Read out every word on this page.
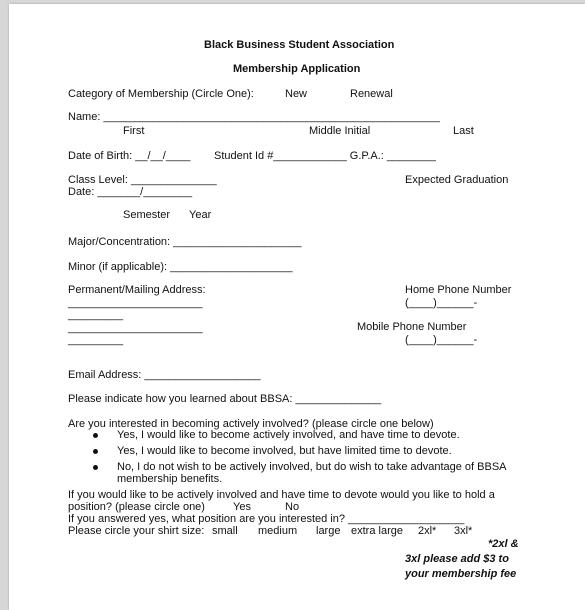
Black Business Student Association
Membership Application
Category of Membership (Circle One):	New	Renewal
Name: _______________________________________________________
First	Middle Initial	Last
Date of Birth: __/__/____ Student Id #____________ G.P.A.: ________
Class Level: ______________	Expected Graduation
Date: _______/________
Semester Year
Major/Concentration: _____________________
Minor (if applicable): ____________________
Permanent/Mailing Address:
______________________
_________
______________________
_________
Home Phone Number
(____)______-
Mobile Phone Number
(____)______-
Email Address: ___________________
Please indicate how you learned about BBSA: ______________
Are you interested in becoming actively involved? (please circle one below)
Yes, I would like to become actively involved, and have time to devote.
Yes, I would like to become involved, but have limited time to devote.
No, I do not wish to be actively involved, but do wish to take advantage of BBSA
membership benefits.
If you would like to be actively involved and have time to devote would you like to hold a
position? (please circle one)	Yes	No
If you answered yes, what position are you interested in? ___________________
Please circle your shirt size: small medium large extra large 2xl* 3xl*
*2xl &
3xl please add $3 to
your membership fee
